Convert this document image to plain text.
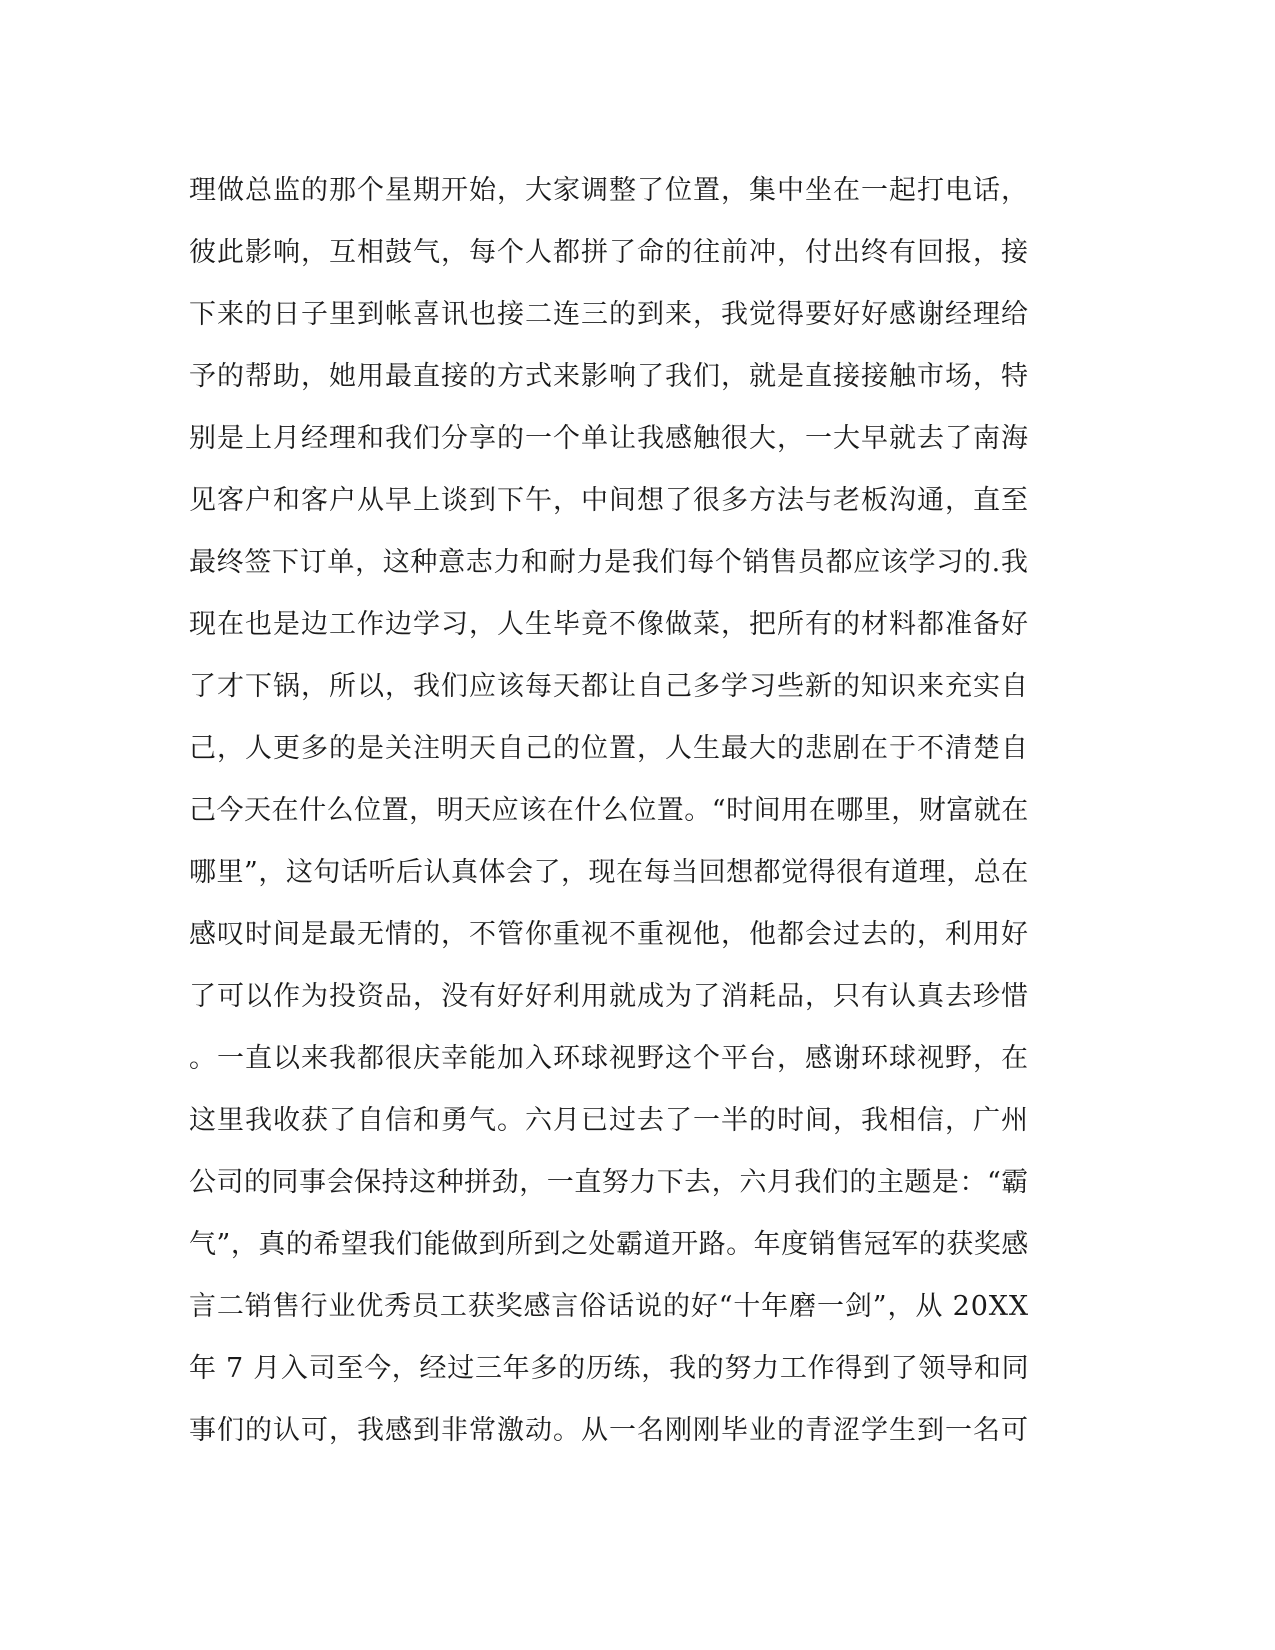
理做总监的那个星期开始，大家调整了位置，集中坐在一起打电话，
彼此影响，互相鼓气，每个人都拼了命的往前冲，付出终有回报，接
下来的日子里到帐喜讯也接二连三的到来，我觉得要好好感谢经理给
予的帮助，她用最直接的方式来影响了我们，就是直接接触市场，特
别是上月经理和我们分享的一个单让我感触很大，一大早就去了南海
见客户和客户从早上谈到下午，中间想了很多方法与老板沟通，直至
最终签下订单，这种意志力和耐力是我们每个销售员都应该学习的.我
现在也是边工作边学习，人生毕竟不像做菜，把所有的材料都准备好
了才下锅，所以，我们应该每天都让自己多学习些新的知识来充实自
己，人更多的是关注明天自己的位置，人生最大的悲剧在于不清楚自
己今天在什么位置，明天应该在什么位置。“时间用在哪里，财富就在
哪里”，这句话听后认真体会了，现在每当回想都觉得很有道理，总在
感叹时间是最无情的，不管你重视不重视他，他都会过去的，利用好
了可以作为投资品，没有好好利用就成为了消耗品，只有认真去珍惜
。一直以来我都很庆幸能加入环球视野这个平台，感谢环球视野，在
这里我收获了自信和勇气。六月已过去了一半的时间，我相信，广州
公司的同事会保持这种拼劲，一直努力下去，六月我们的主题是：“霸
气”，真的希望我们能做到所到之处霸道开路。年度销售冠军的获奖感
言二销售行业优秀员工获奖感言俗话说的好“十年磨一剑”，从 20XX
年 7 月入司至今，经过三年多的历练，我的努力工作得到了领导和同
事们的认可，我感到非常激动。从一名刚刚毕业的青涩学生到一名可
